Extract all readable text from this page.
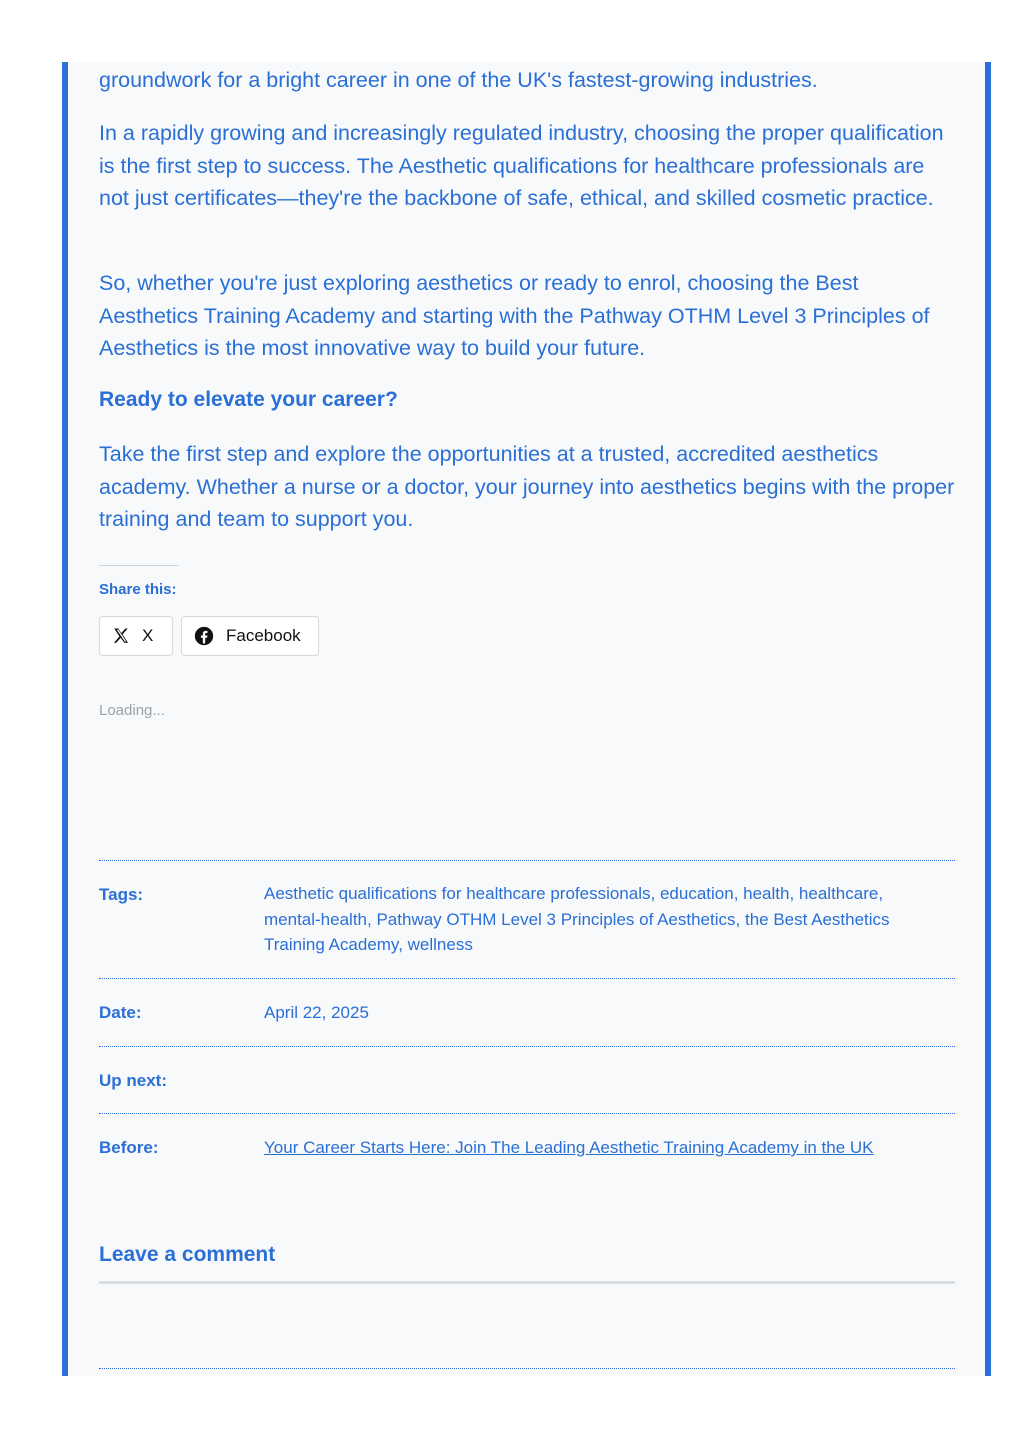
groundwork for a bright career in one of the UK's fastest-growing industries.

In a rapidly growing and increasingly regulated industry, choosing the proper qualification is the first step to success. The Aesthetic qualifications for healthcare professionals are not just certificates—they're the backbone of safe, ethical, and skilled cosmetic practice.

So, whether you're just exploring aesthetics or ready to enrol, choosing the Best Aesthetics Training Academy and starting with the Pathway OTHM Level 3 Principles of Aesthetics is the most innovative way to build your future.

Ready to elevate your career?

Take the first step and explore the opportunities at a trusted, accredited aesthetics academy. Whether a nurse or a doctor, your journey into aesthetics begins with the proper training and team to support you.

Share this:
X	Facebook
Loading...
Tags:	Aesthetic qualifications for healthcare professionals, education, health, healthcare, mental-health, Pathway OTHM Level 3 Principles of Aesthetics, the Best Aesthetics Training Academy, wellness
Date:	April 22, 2025
Up next:
Before:	Your Career Starts Here: Join The Leading Aesthetic Training Academy in the UK
Leave a comment
